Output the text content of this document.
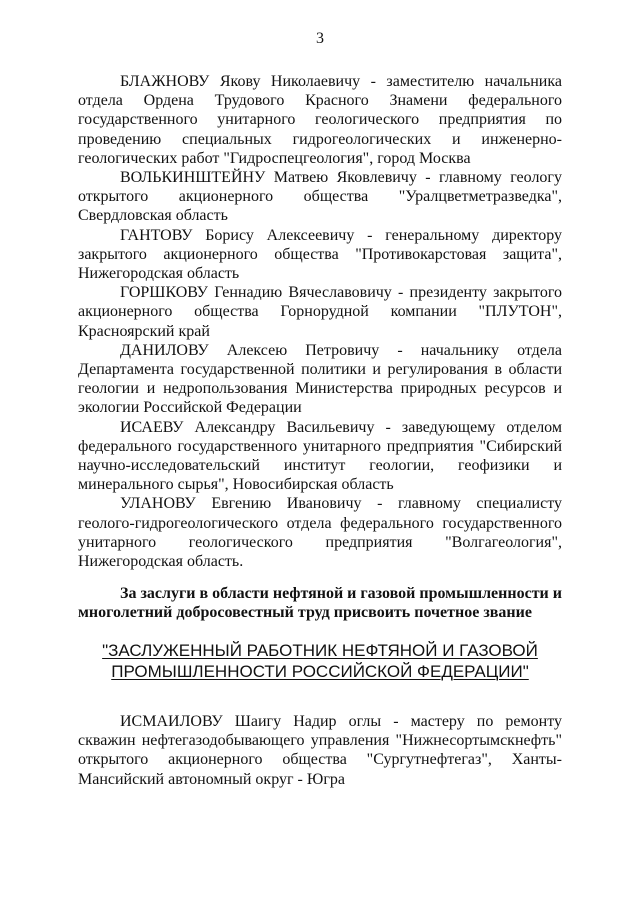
3

БЛАЖНОВУ Якову Николаевичу - заместителю начальника отдела Ордена Трудового Красного Знамени федерального государственного унитарного геологического предприятия по проведению специальных гидрогеологических и инженерно-геологических работ "Гидроспецгеология", город Москва

ВОЛЬКИНШТЕЙНУ Матвею Яковлевичу - главному геологу открытого акционерного общества "Уралцветметразведка", Свердловская область

ГАНТОВУ Борису Алексеевичу - генеральному директору закрытого акционерного общества "Противокарстовая защита", Нижегородская область

ГОРШКОВУ Геннадию Вячеславовичу - президенту закрытого акционерного общества Горнорудной компании "ПЛУТОН", Красноярский край

ДАНИЛОВУ Алексею Петровичу - начальнику отдела Департамента государственной политики и регулирования в области геологии и недропользования Министерства природных ресурсов и экологии Российской Федерации

ИСАЕВУ Александру Васильевичу - заведующему отделом федерального государственного унитарного предприятия "Сибирский научно-исследовательский институт геологии, геофизики и минерального сырья", Новосибирская область

УЛАНОВУ Евгению Ивановичу - главному специалисту геолого-гидрогеологического отдела федерального государственного унитарного геологического предприятия "Волгагеология", Нижегородская область.

За заслуги в области нефтяной и газовой промышленности и многолетний добросовестный труд присвоить почетное звание

"ЗАСЛУЖЕННЫЙ РАБОТНИК НЕФТЯНОЙ И ГАЗОВОЙ
ПРОМЫШЛЕННОСТИ РОССИЙСКОЙ ФЕДЕРАЦИИ"

ИСМАИЛОВУ Шаигу Надир оглы - мастеру по ремонту скважин нефтегазодобывающего управления "Нижнесортымскнефть" открытого акционерного общества "Сургутнефтегаз", Ханты-Мансийский автономный округ - Югра
